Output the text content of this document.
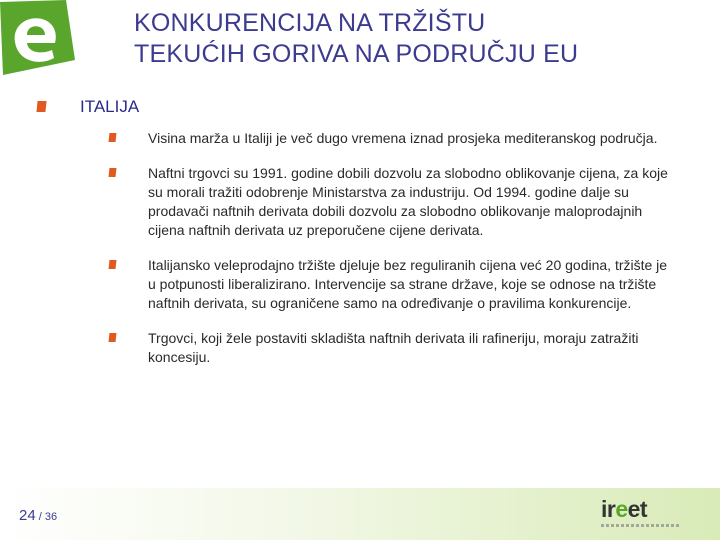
KONKURENCIJA NA TRŽIŠTU
TEKUĆIH GORIVA NA PODRUČJU EU
ITALIJA
Visina marža u Italiji je več dugo vremena iznad prosjeka mediteranskog područja.
Naftni trgovci su 1991. godine dobili dozvolu za slobodno oblikovanje cijena, za koje su morali tražiti odobrenje Ministarstva za industriju. Od 1994. godine dalje su prodavači naftnih derivata dobili dozvolu za slobodno oblikovanje maloprodajnih cijena naftnih derivata uz preporučene cijene derivata.
Italijansko veleprodajno tržište djeluje bez reguliranih cijena već 20 godina, tržište je u potpunosti liberalizirano. Intervencije sa strane države, koje se odnose na tržište naftnih derivata, su ograničene samo na određivanje o pravilima konkurencije.
Trgovci, koji žele postaviti skladišta naftnih derivata ili rafineriju, moraju zatražiti koncesiju.
24 / 36	ireet
